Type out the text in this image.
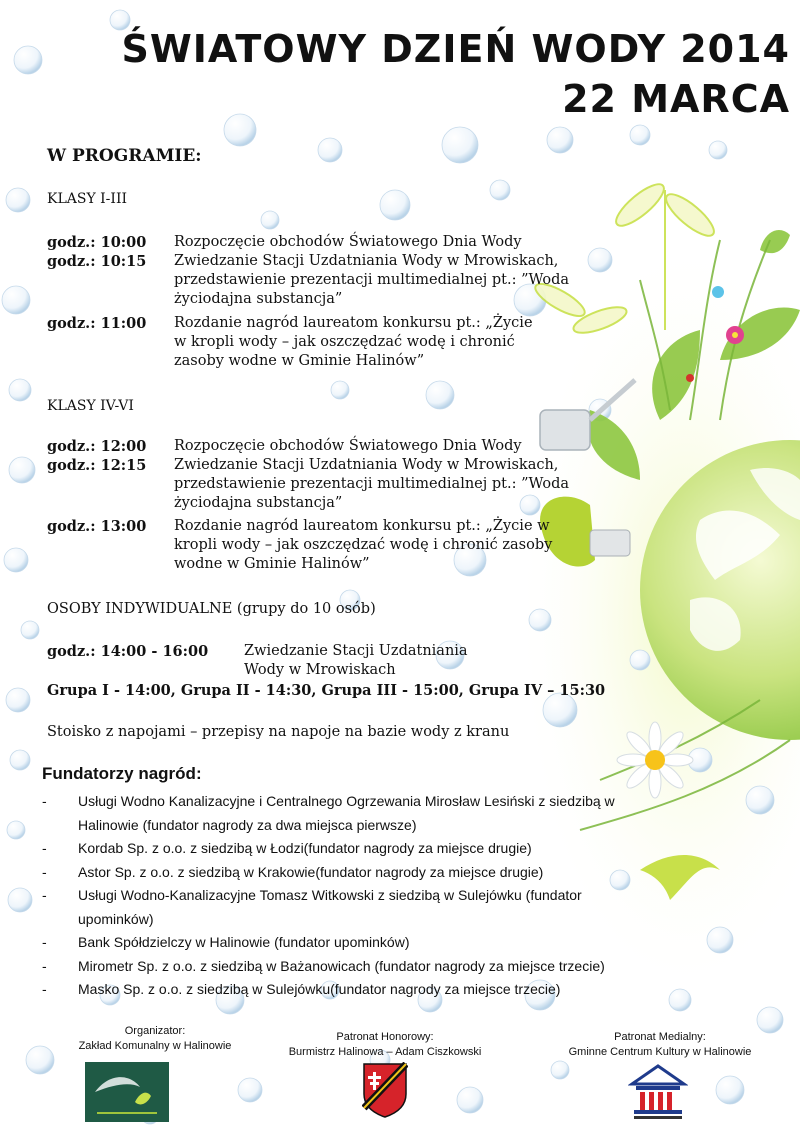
ŚWIATOWY DZIEŃ WODY 2014
22 MARCA
W PROGRAMIE:
KLASY I-III
godz.: 10:00 Rozpoczęcie obchodów Światowego Dnia Wody
godz.: 10:15 Zwiedzanie Stacji Uzdatniania Wody w Mrowiskach, przedstawienie prezentacji multimedialnej pt.: ”Woda życiodajna substancja”
godz.: 11:00 Rozdanie nagród laureatom konkursu pt.: „Życie w kropli wody – jak oszczędzać wodę i chronić zasoby wodne w Gminie Halinów”
KLASY IV-VI
godz.: 12:00 Rozpoczęcie obchodów Światowego Dnia Wody
godz.: 12:15 Zwiedzanie Stacji Uzdatniania Wody w Mrowiskach, przedstawienie prezentacji multimedialnej pt.: ”Woda życiodajna substancja”
godz.: 13:00 Rozdanie nagród laureatom konkursu pt.: „Życie w kropli wody – jak oszczędzać wodę i chronić zasoby wodne w Gminie Halinów”
OSOBY INDYWIDUALNE (grupy do 10 osób)
godz.: 14:00 - 16:00 Zwiedzanie Stacji Uzdatniania Wody w Mrowiskach
Grupa I - 14:00, Grupa II - 14:30, Grupa III - 15:00, Grupa IV – 15:30
Stoisko z napojami – przepisy na napoje na bazie wody z kranu
Fundatorzy nagród:
- Usługi Wodno Kanalizacyjne i Centralnego Ogrzewania Mirosław Lesiński z siedzibą w Halinowie (fundator nagrody za dwa miejsca pierwsze)
- Kordab Sp. z o.o. z siedzibą w Łodzi(fundator nagrody za miejsce drugie)
- Astor Sp. z o.o. z siedzibą w Krakowie(fundator nagrody za miejsce drugie)
- Usługi Wodno-Kanalizacyjne Tomasz Witkowski z siedzibą w Sulejówku (fundator upominków)
- Bank Spółdzielczy w Halinowie (fundator upominków)
- Mirometr Sp. z o.o. z siedzibą w Bażanowicach (fundator nagrody za miejsce trzecie)
- Masko Sp. z o.o. z siedzibą w Sulejówku(fundator nagrody za miejsce trzecie)
Organizator:
Zakład Komunalny w Halinowie
Patronat Honorowy:
Burmistrz Halinowa – Adam Ciszkowski
Patronat Medialny:
Gminne Centrum Kultury w Halinowie
